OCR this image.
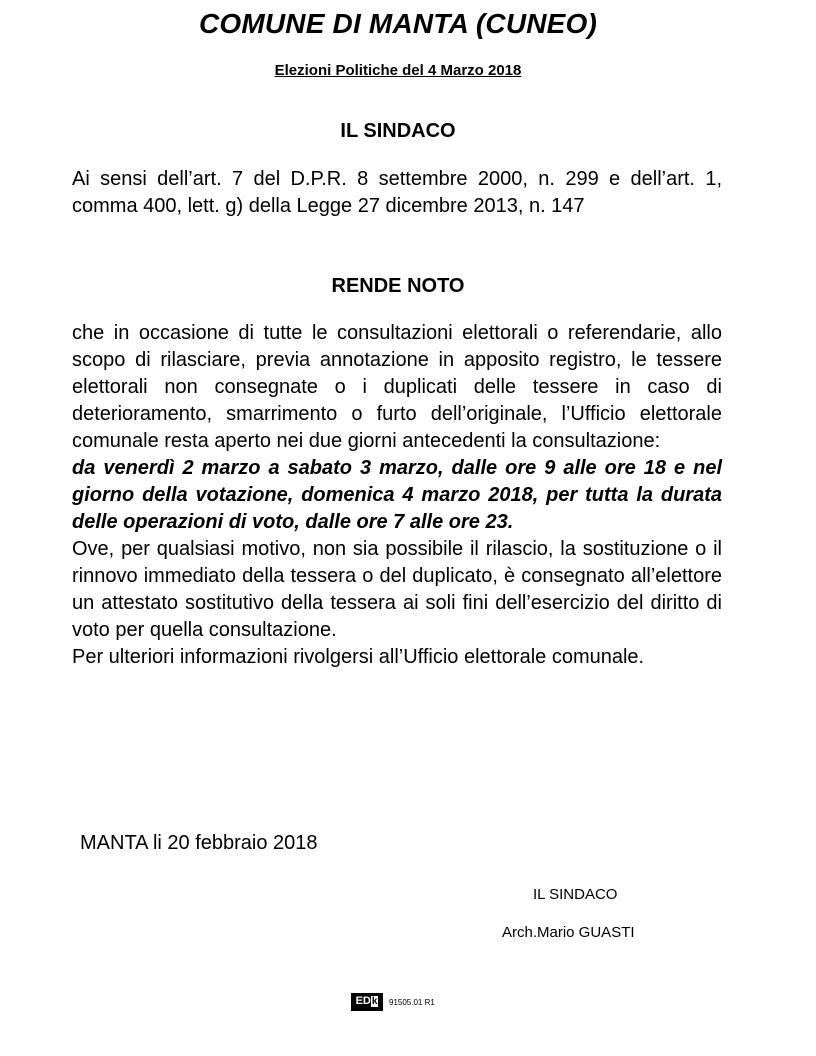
COMUNE DI MANTA (CUNEO)

Elezioni Politiche del 4 Marzo 2018

IL SINDACO

Ai sensi dell’art. 7 del D.P.R. 8 settembre 2000, n. 299 e dell’art. 1, comma 400, lett. g) della Legge 27 dicembre 2013, n. 147

RENDE NOTO
che in occasione di tutte le consultazioni elettorali o referendarie, allo scopo di rilasciare, previa annotazione in apposito registro, le tessere elettorali non consegnate o i duplicati delle tessere in caso di deterioramento, smarrimento o furto dell’originale, l’Ufficio elettorale comunale resta aperto nei due giorni antecedenti la consultazione:
da venerdì 2 marzo a sabato 3 marzo, dalle ore 9 alle ore 18 e nel giorno della votazione, domenica 4 marzo 2018, per tutta la durata delle operazioni di voto, dalle ore 7 alle ore 23.
Ove, per qualsiasi motivo, non sia possibile il rilascio, la sostituzione o il rinnovo immediato della tessera o del duplicato, è consegnato all’elettore un attestato sostitutivo della tessera ai soli fini dell’esercizio del diritto di voto per quella consultazione.
Per ulteriori informazioni rivolgersi all’Ufficio elettorale comunale.

MANTA li 20 febbraio 2018

IL SINDACO

Arch.Mario GUASTI

EDk	91505.01 R1
